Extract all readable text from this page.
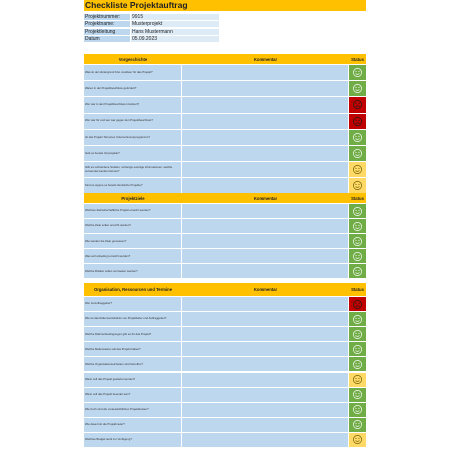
Checkliste Projektauftrag
Projektnummer:	9915
Projektname:	Musterprojekt
Projektleitung	Hans Mustermann
Datum	05.09.2023
Vorgeschichte	Kommentar	Status
Was ist der Hintergrund bzw. Auslöser für das Projekt?
Waren in der Projektbeschluss gefordert?
Wer war in den Projektbeschluss involviert?
Wer war für und wer war gegen den Projektbeschluss?
Ist das Projekt Teil eines Unternehmensprogramms?
Gab es bereits Vorprojekte?
Gibt es vorhandene Studien, vorherige sonstige Informationen, welche verwendet werden können?
Sind es eigene es bereits identische Projekte?
Projektziele	Kommentar	Status
Welches Ziel/wirtschaftliche Projekt erreicht werden?
Welche Ziele sollen erreicht werden?
Wie werden die Ziele gemessen?
Was soll unbedingt erreicht werden?
Welche Risiken sollen vermieden werden?
Organisation, Ressourcen und Termine	Kommentar	Status
Wer ist Auftraggeber?
Wie ist das Rollenverständnis von Projektleiter und Auftraggeber?
Welche Rahmenbedingungen gibt es für das Projekt?
Welche Meilensteine soll das Projekt haben?
Welche Organisationseinheiten sind betroffen?
Wann soll das Projekt gestartet werden?
Wann soll das Projekt beendet sein?
Wie hoch sind die voraussichtlichen Projektkosten?
Wie dauert ist die Projektmeter?
Welches Budget steht zur Verfügung?
